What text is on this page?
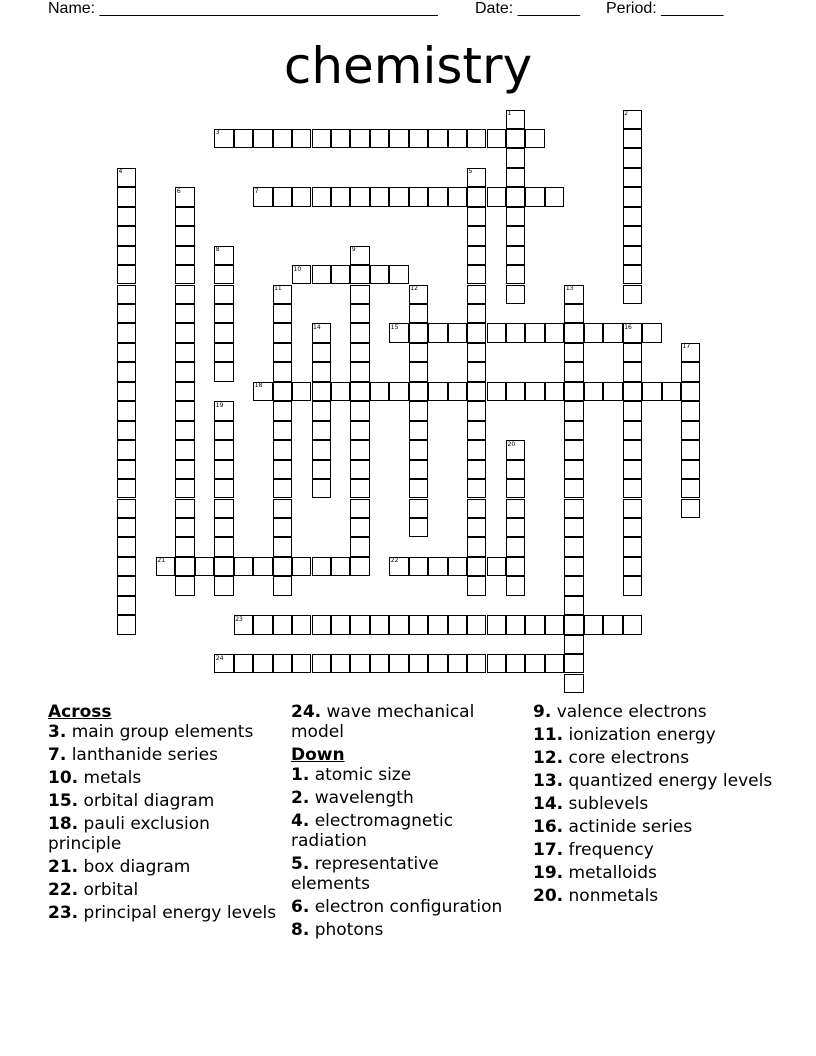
Name: ______________________________________ Date: _______ Period: _______
chemistry
1	2
3
4	5
6	7
8	9
10
11	12	13
14	15	16
17
18
19
20
21	22
23
24

Across

3. main group elements

7. lanthanide series

10. metals

15. orbital diagram

18. pauli exclusion principle

21. box diagram

22. orbital

23. principal energy levels

24. wave mechanical model

Down

1. atomic size

2. wavelength

4. electromagnetic radiation

5. representative elements

6. electron configuration

8. photons

9. valence electrons

11. ionization energy

12. core electrons

13. quantized energy levels

14. sublevels

16. actinide series

17. frequency

19. metalloids

20. nonmetals
